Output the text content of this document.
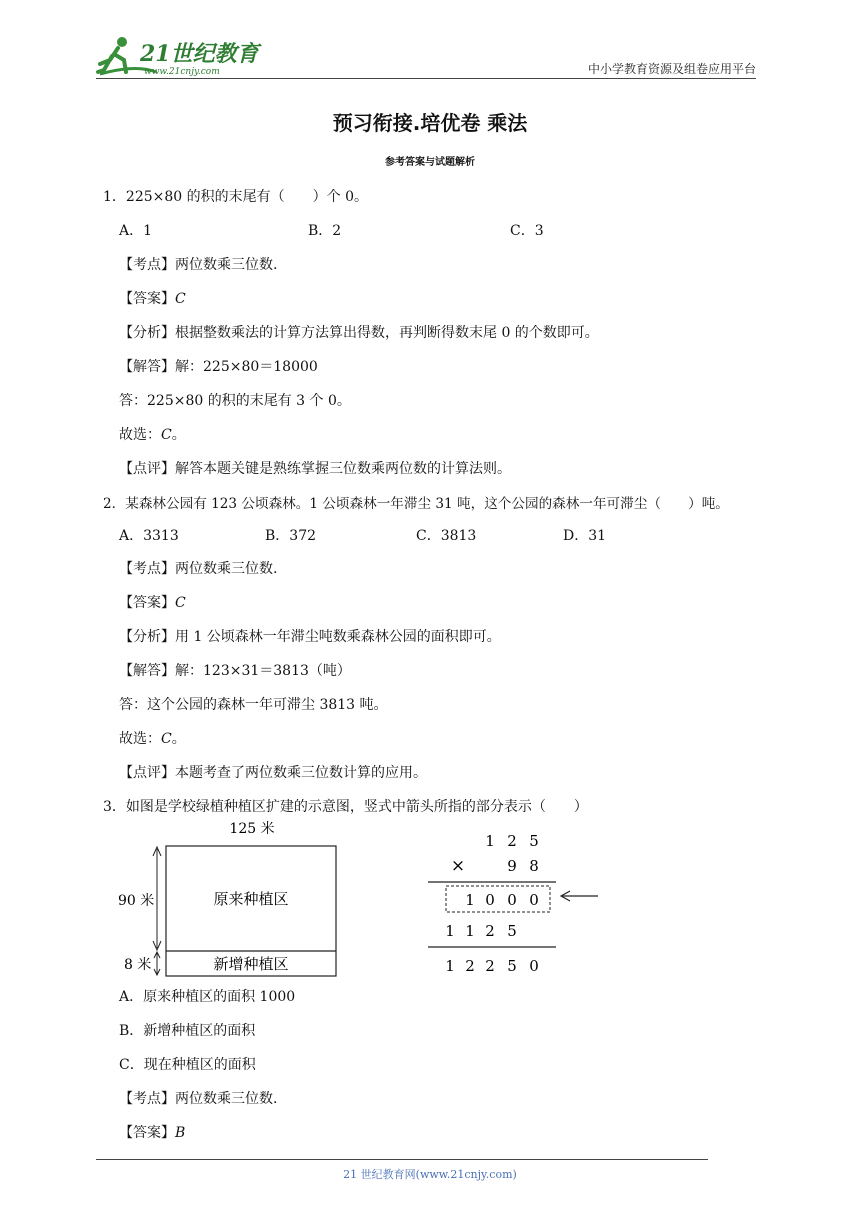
21世纪教育
www.21cnjy.com	中小学教育资源及组卷应用平台
预习衔接.培优卷 乘法
参考答案与试题解析
1．225×80 的积的末尾有（　　）个 0。
A．1	B．2	C．3
【考点】两位数乘三位数.
【答案】C
【分析】根据整数乘法的计算方法算出得数，再判断得数末尾 0 的个数即可。
【解答】解：225×80＝18000
答：225×80 的积的末尾有 3 个 0。
故选：C。
【点评】解答本题关键是熟练掌握三位数乘两位数的计算法则。
2．某森林公园有 123 公顷森林。1 公顷森林一年滞尘 31 吨，这个公园的森林一年可滞尘（　　）吨。
A．3313	B．372	C．3813	D．31
【考点】两位数乘三位数.
【答案】C
【分析】用 1 公顷森林一年滞尘吨数乘森林公园的面积即可。
【解答】解：123×31＝3813（吨）
答：这个公园的森林一年可滞尘 3813 吨。
故选：C。
【点评】本题考查了两位数乘三位数计算的应用。
3．如图是学校绿植种植区扩建的示意图，竖式中箭头所指的部分表示（　　）
125 米
原来种植区
新增种植区
90 米
8 米
1 2 5
×	9 8
1 0 0 0
1 1 2 5
1 2 2 5 0
A．原来种植区的面积 1000
B．新增种植区的面积
C．现在种植区的面积
【考点】两位数乘三位数.
【答案】B
21 世纪教育网(www.21cnjy.com)
